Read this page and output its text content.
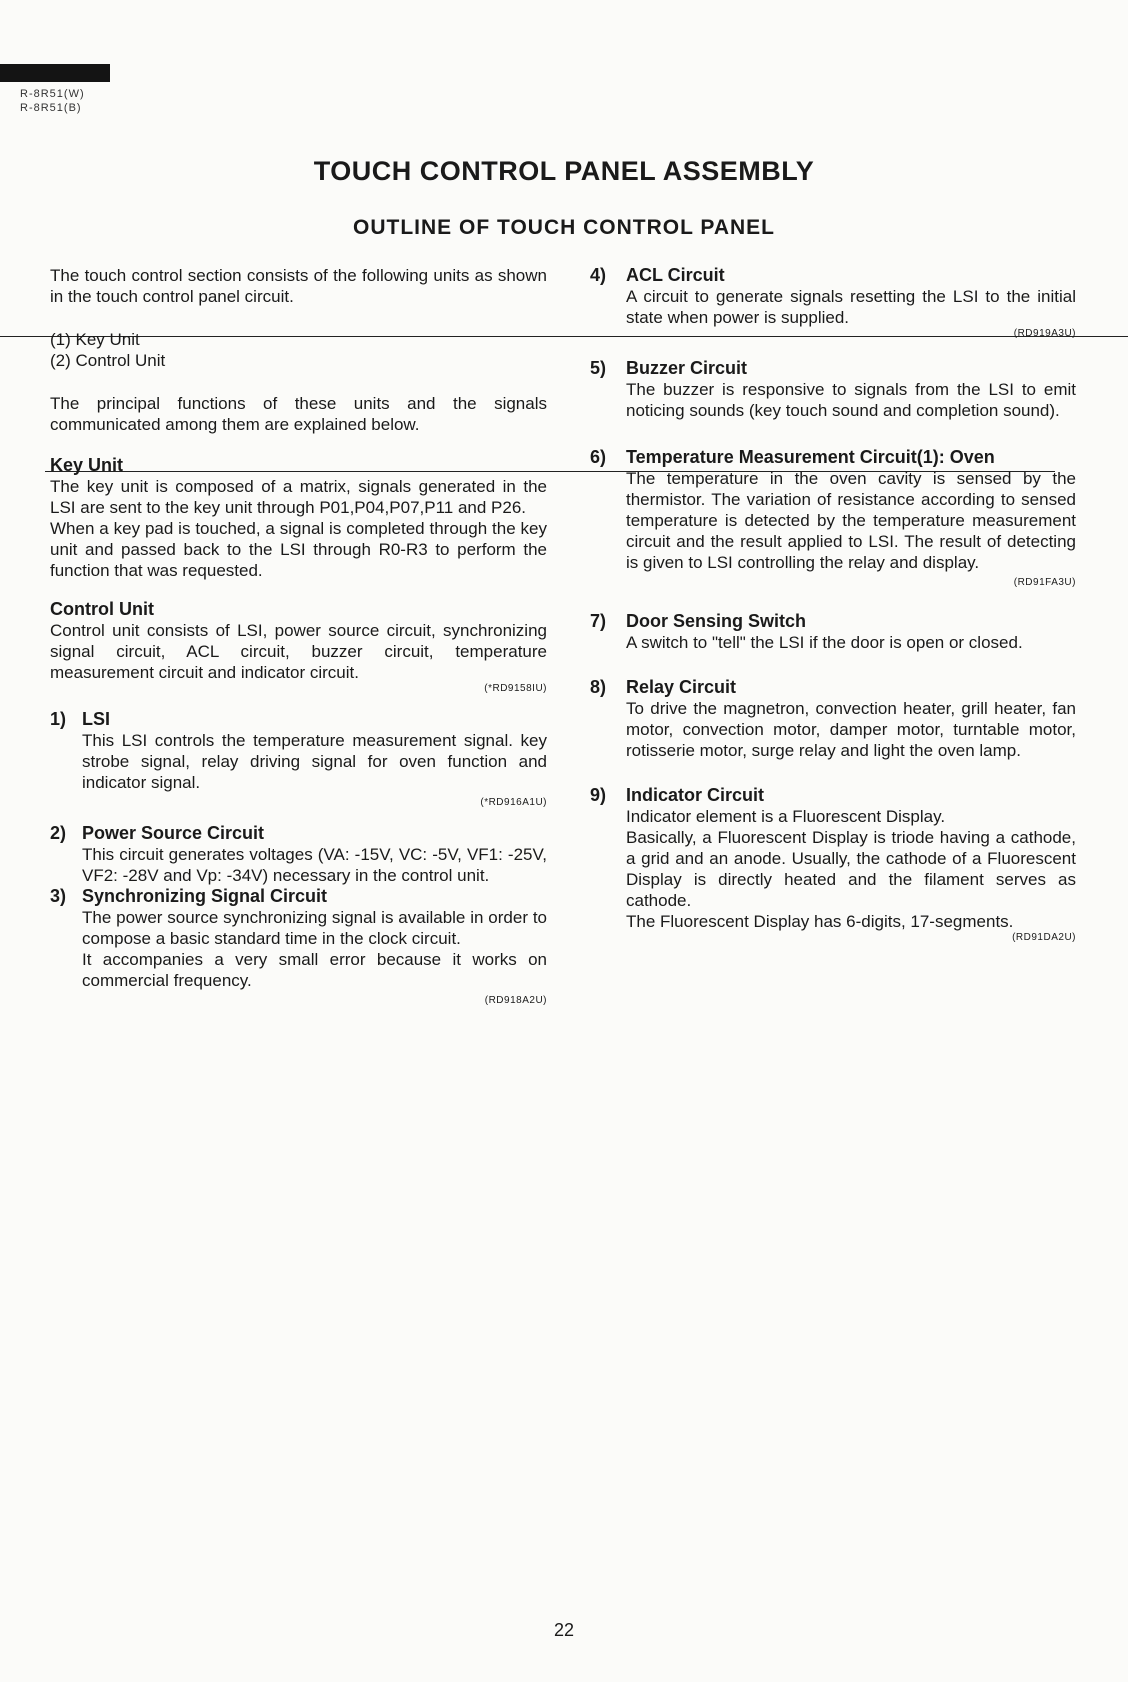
R-8R51(W)
R-8R51(B)
TOUCH CONTROL PANEL ASSEMBLY
OUTLINE OF TOUCH CONTROL PANEL

The touch control section consists of the following units as shown in the touch control panel circuit.

(1) Key Unit

(2) Control Unit

The principal functions of these units and the signals communicated among them are explained below.

Key Unit

The key unit is composed of a matrix, signals generated in the LSI are sent to the key unit through P01,P04,P07,P11 and P26.

When a key pad is touched, a signal is completed through the key unit and passed back to the LSI through R0-R3 to perform the function that was requested.

Control Unit

Control unit consists of LSI, power source circuit, synchronizing signal circuit, ACL circuit, buzzer circuit, temperature measurement circuit and indicator circuit.

(*RD9158IU)

1) LSI

This LSI controls the temperature measurement signal. key strobe signal, relay driving signal for oven function and indicator signal.

(*RD916A1U)

2) Power Source Circuit

This circuit generates voltages (VA: -15V, VC: -5V, VF1: -25V, VF2: -28V and Vp: -34V) necessary in the control unit.

3) Synchronizing Signal Circuit

The power source synchronizing signal is available in order to compose a basic standard time in the clock circuit.

It accompanies a very small error because it works on commercial frequency.

(RD918A2U)

4)	ACL Circuit

A circuit to generate signals resetting the LSI to the initial state when power is supplied.

(RD919A3U)

5)	Buzzer Circuit

The buzzer is responsive to signals from the LSI to emit noticing sounds (key touch sound and completion sound).

6)	Temperature Measurement Circuit(1): Oven

The temperature in the oven cavity is sensed by the thermistor. The variation of resistance according to sensed temperature is detected by the temperature measurement circuit and the result applied to LSI. The result of detecting is given to LSI controlling the relay and display.

(RD91FA3U)

7)	Door Sensing Switch

A switch to "tell" the LSI if the door is open or closed.

8)	Relay Circuit

To drive the magnetron, convection heater, grill heater, fan motor, convection motor, damper motor, turntable motor, rotisserie motor, surge relay and light the oven lamp.

9)	Indicator Circuit

Indicator element is a Fluorescent Display.

Basically, a Fluorescent Display is triode having a cathode, a grid and an anode. Usually, the cathode of a Fluorescent Display is directly heated and the filament serves as cathode.

The Fluorescent Display has 6-digits, 17-segments.

(RD91DA2U)

22
